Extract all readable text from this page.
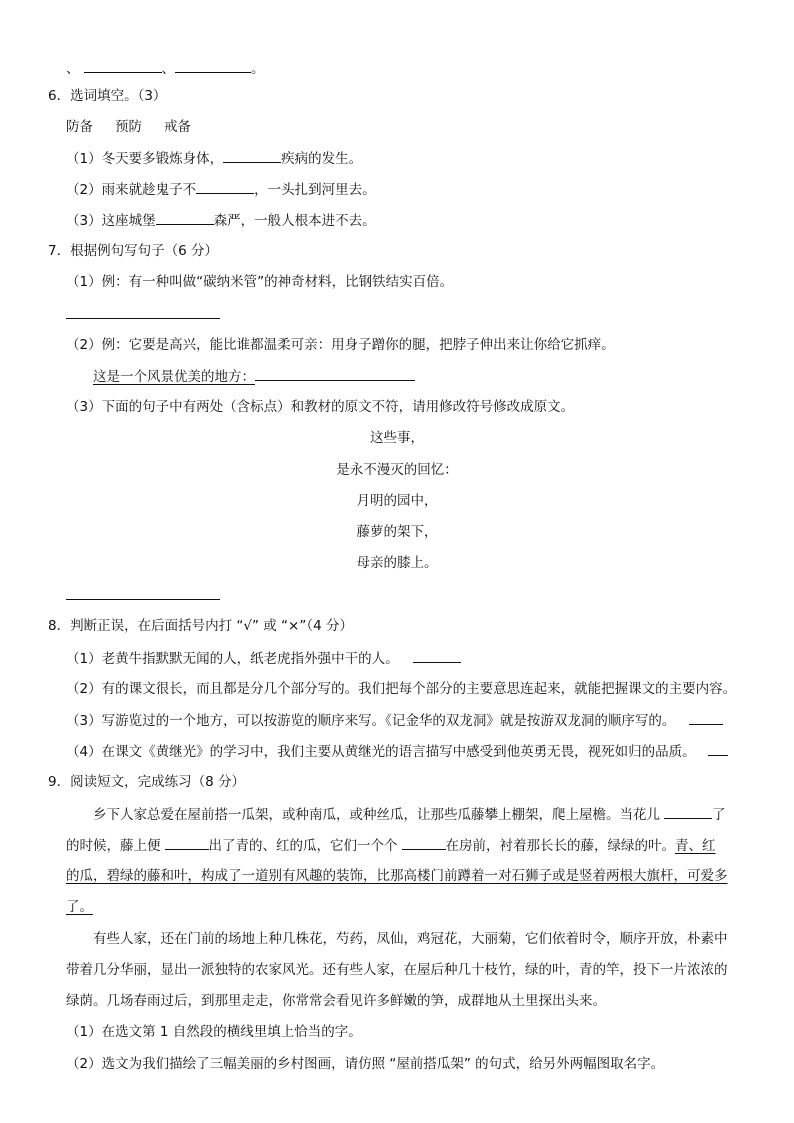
、	、	。
6．选词填空。（3）
防备 预防 戒备
（1）冬天要多锻炼身体，	疾病的发生。
（2）雨来就趁鬼子不	，一头扎到河里去。
（3）这座城堡	森严，一般人根本进不去。
7．根据例句写句子（6 分）
（1）例：有一种叫做“碳纳米管”的神奇材料，比钢铁结实百倍。
（2）例：它要是高兴，能比谁都温柔可亲：用身子蹭你的腿，把脖子伸出来让你给它抓痒。
这是一个风景优美的地方：
（3）下面的句子中有两处（含标点）和教材的原文不符，请用修改符号修改成原文。
这些事，
是永不漫灭的回忆：
月明的园中，
藤萝的架下，
母亲的膝上。
8．判断正误，在后面括号内打 “√” 或 “×”（4 分）
（1）老黄牛指默默无闻的人，纸老虎指外强中干的人。
（2）有的课文很长，而且都是分几个部分写的。我们把每个部分的主要意思连起来，就能把握课文的主要内容。
（3）写游览过的一个地方，可以按游览的顺序来写。《记金华的双龙洞》就是按游双龙洞的顺序写的。
（4）在课文《黄继光》的学习中，我们主要从黄继光的语言描写中感受到他英勇无畏，视死如归的品质。
9．阅读短文，完成练习（8 分）
乡下人家总爱在屋前搭一瓜架，或种南瓜，或种丝瓜，让那些瓜藤攀上棚架，爬上屋檐。当花儿	了
的时候，藤上便	出了青的、红的瓜，它们一个个	在房前，衬着那长长的藤，绿绿的叶。青、红
的瓜，碧绿的藤和叶，构成了一道别有风趣的装饰，比那高楼门前蹲着一对石狮子或是竖着两根大旗杆，可爱多
了。
有些人家，还在门前的场地上种几株花，芍药，凤仙，鸡冠花，大丽菊，它们依着时令，顺序开放，朴素中
带着几分华丽，显出一派独特的农家风光。还有些人家，在屋后种几十枝竹，绿的叶，青的竿，投下一片浓浓的
绿荫。几场春雨过后，到那里走走，你常常会看见许多鲜嫩的笋，成群地从土里探出头来。
（1）在选文第 1 自然段的横线里填上恰当的字。
（2）选文为我们描绘了三幅美丽的乡村图画，请仿照 “屋前搭瓜架” 的句式，给另外两幅图取名字。
